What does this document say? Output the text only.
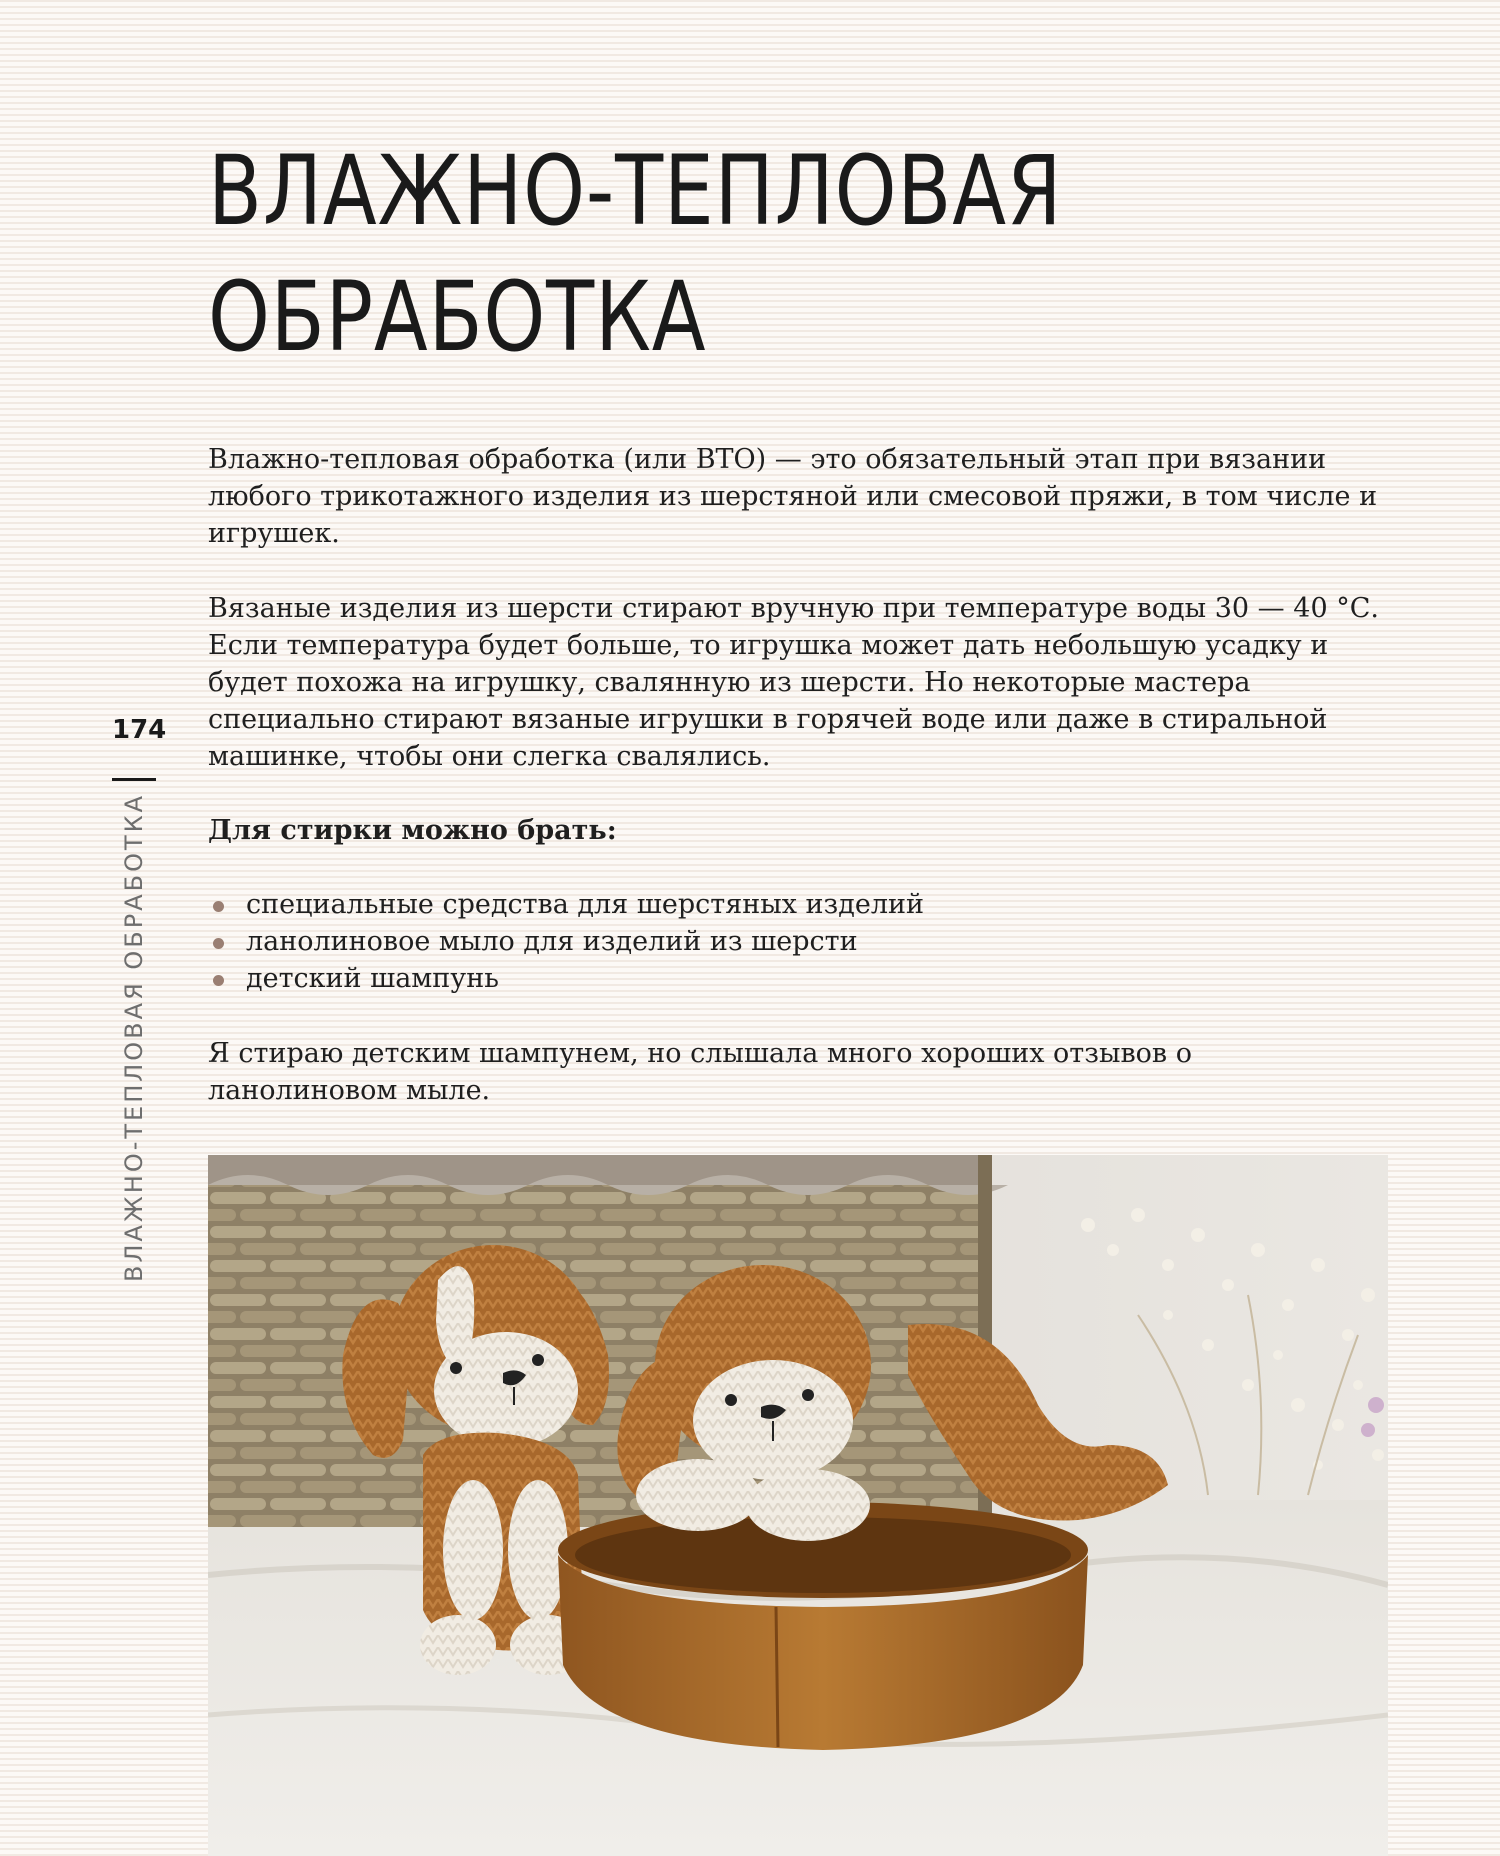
ВЛАЖНО-ТЕПЛОВАЯ
ОБРАБОТКА
174
ВЛАЖНО-ТЕПЛОВАЯ ОБРАБОТКА

Влажно-тепловая обработка (или ВТО) — это обязательный этап при вязании любого трикотажного изделия из шерстяной или смесовой пряжи, в том числе и игрушек.

Вязаные изделия из шерсти стирают вручную при температуре воды 30 — 40 °С. Если температура будет больше, то игрушка может дать небольшую усадку и будет похожа на игрушку, свалянную из шерсти. Но некоторые мастера специально стирают вязаные игрушки в горячей воде или даже в стиральной машинке, чтобы они слегка свалялись.

Для стирки можно брать:

специальные средства для шерстяных изделий
ланолиновое мыло для изделий из шерсти
детский шампунь

Я стираю детским шампунем, но слышала много хороших отзывов о ланолиновом мыле.
